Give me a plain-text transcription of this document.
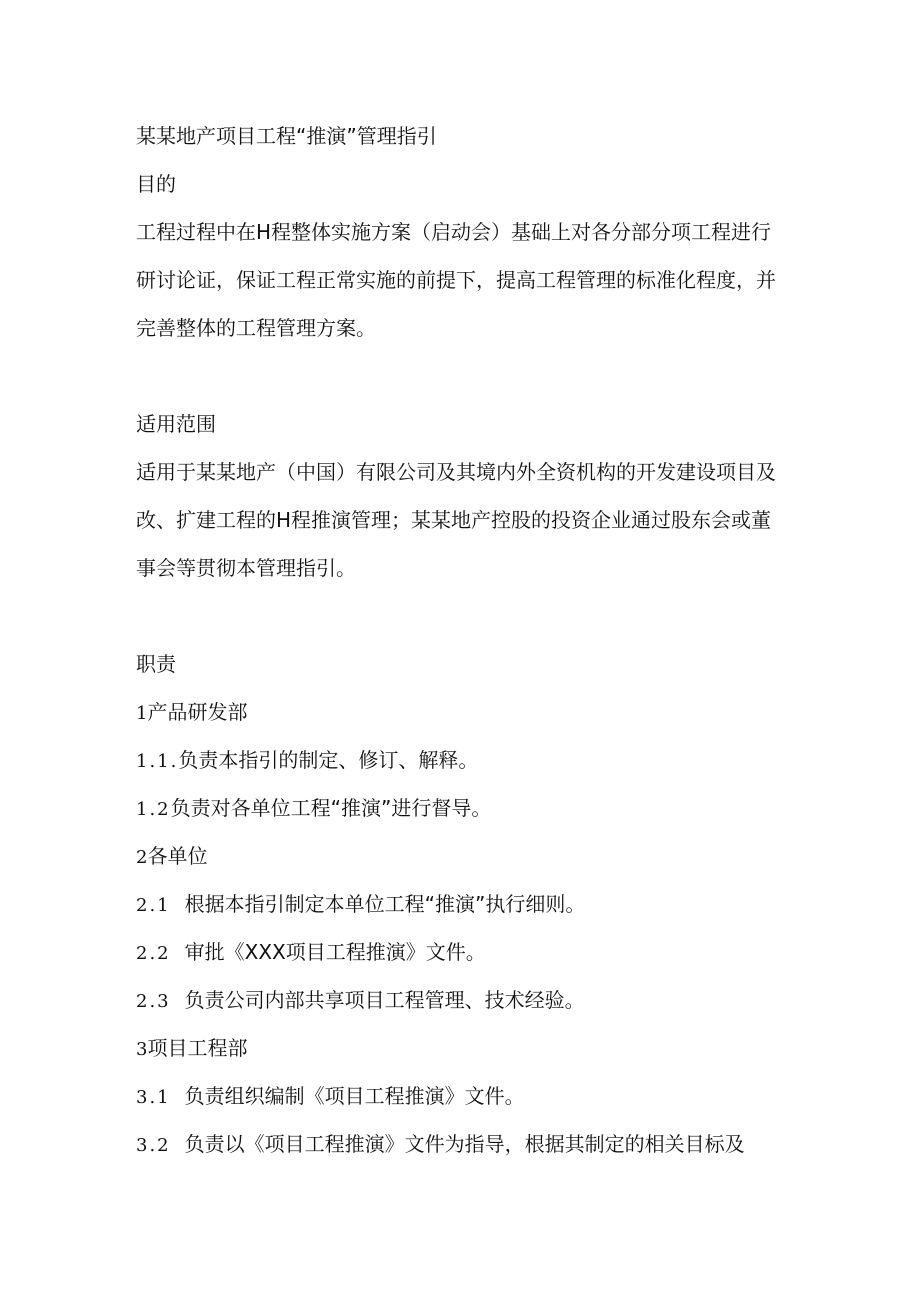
某某地产项目工程“推演”管理指引
目的
工程过程中在H程整体实施方案（启动会）基础上对各分部分项工程进行
研讨论证，保证工程正常实施的前提下，提高工程管理的标准化程度，并
完善整体的工程管理方案。
适用范围
适用于某某地产（中国）有限公司及其境内外全资机构的开发建设项目及
改、扩建工程的H程推演管理；某某地产控股的投资企业通过股东会或董
事会等贯彻本管理指引。
职责
1产品研发部
1.1.负责本指引的制定、修订、解释。
1.2负责对各单位工程“推演”进行督导。
2各单位
2.1 根据本指引制定本单位工程“推演”执行细则。
2.2 审批《XXX项目工程推演》文件。
2.3 负责公司内部共享项目工程管理、技术经验。
3项目工程部
3.1 负责组织编制《项目工程推演》文件。
3.2 负责以《项目工程推演》文件为指导，根据其制定的相关目标及
